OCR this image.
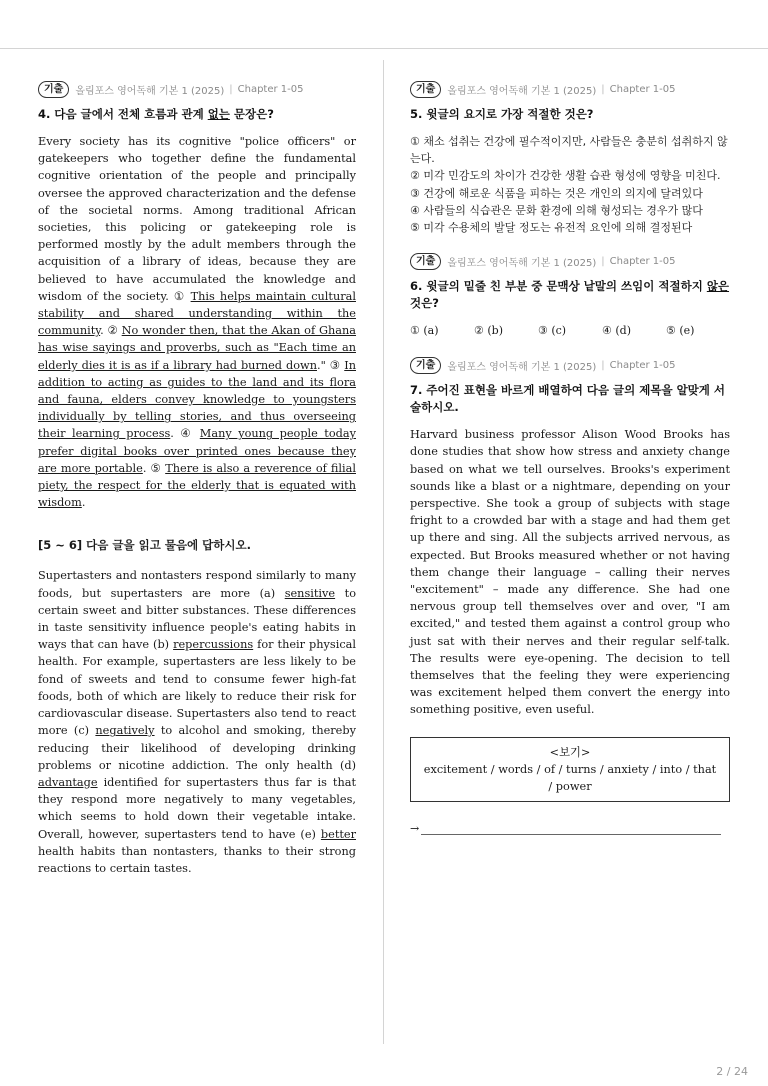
기출	올림포스 영어독해 기본 1 (2025) | Chapter 1-05
4. 다음 글에서 전체 흐름과 관계 없는 문장은?

Every society has its cognitive "police officers" or gatekeepers who together define the fundamental cognitive orientation of the people and principally oversee the approved characterization and the defense of the societal norms. Among traditional African societies, this policing or gatekeeping role is performed mostly by the adult members through the acquisition of a library of ideas, because they are believed to have accumulated the knowledge and wisdom of the society. ① This helps maintain cultural stability and shared understanding within the community. ② No wonder then, that the Akan of Ghana has wise sayings and proverbs, such as "Each time an elderly dies it is as if a library had burned down." ③ In addition to acting as guides to the land and its flora and fauna, elders convey knowledge to youngsters individually by telling stories, and thus overseeing their learning process. ④ Many young people today prefer digital books over printed ones because they are more portable. ⑤ There is also a reverence of filial piety, the respect for the elderly that is equated with wisdom.

[5 ~ 6] 다음 글을 읽고 물음에 답하시오.

Supertasters and nontasters respond similarly to many foods, but supertasters are more (a) sensitive to certain sweet and bitter substances. These differences in taste sensitivity influence people's eating habits in ways that can have (b) repercussions for their physical health. For example, supertasters are less likely to be fond of sweets and tend to consume fewer high-fat foods, both of which are likely to reduce their risk for cardiovascular disease. Supertasters also tend to react more (c) negatively to alcohol and smoking, thereby reducing their likelihood of developing drinking problems or nicotine addiction. The only health (d) advantage identified for supertasters thus far is that they respond more negatively to many vegetables, which seems to hold down their vegetable intake. Overall, however, supertasters tend to have (e) better health habits than nontasters, thanks to their strong reactions to certain tastes.

기출	올림포스 영어독해 기본 1 (2025) | Chapter 1-05
5. 윗글의 요지로 가장 적절한 것은?

① 채소 섭취는 건강에 필수적이지만, 사람들은 충분히 섭취하지 않는다.

② 미각 민감도의 차이가 건강한 생활 습관 형성에 영향을 미친다.

③ 건강에 해로운 식품을 피하는 것은 개인의 의지에 달려있다

④ 사람들의 식습관은 문화 환경에 의해 형성되는 경우가 많다

⑤ 미각 수용체의 발달 정도는 유전적 요인에 의해 결정된다

기출	올림포스 영어독해 기본 1 (2025) | Chapter 1-05
6. 윗글의 밑줄 친 부분 중 문맥상 낱말의 쓰임이 적절하지 않은 것은?
① (a)	② (b)	③ (c)	④ (d)	⑤ (e)
기출	올림포스 영어독해 기본 1 (2025) | Chapter 1-05
7. 주어진 표현을 바르게 배열하여 다음 글의 제목을 알맞게 서술하시오.

Harvard business professor Alison Wood Brooks has done studies that show how stress and anxiety change based on what we tell ourselves. Brooks's experiment sounds like a blast or a nightmare, depending on your perspective. She took a group of subjects with stage fright to a crowded bar with a stage and had them get up there and sing. All the subjects arrived nervous, as expected. But Brooks measured whether or not having them change their language – calling their nerves "excitement" – made any difference. She had one nervous group tell themselves over and over, "I am excited," and tested them against a control group who just sat with their nerves and their regular self-talk. The results were eye-opening. The decision to tell themselves that the feeling they were experiencing was excitement helped them convert the energy into something positive, even useful.

<보기>
excitement / words / of / turns / anxiety / into / that / power
→
2 / 24
